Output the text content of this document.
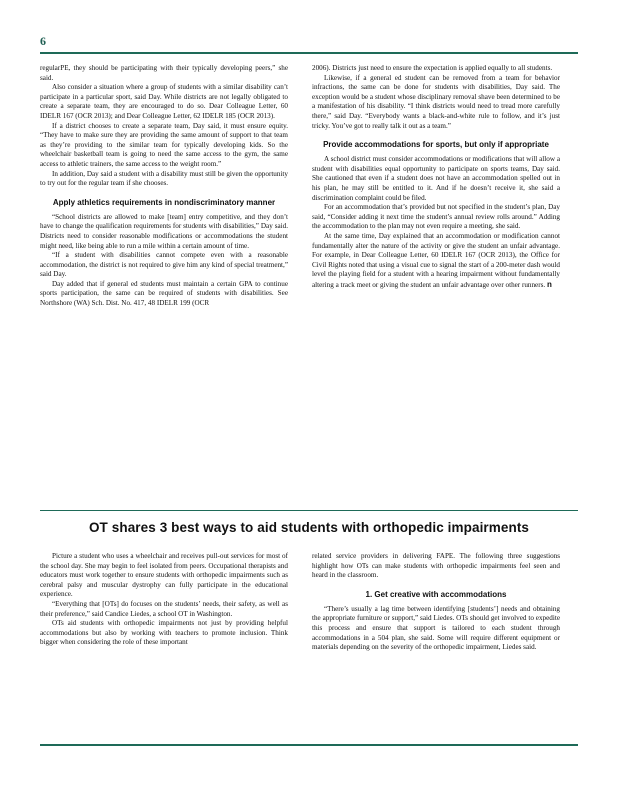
6

regularPE, they should be participating with their typically developing peers,” she said.

Also consider a situation where a group of students with a similar disability can’t participate in a particular sport, said Day. While districts are not legally obligated to create a separate team, they are encouraged to do so. Dear Colleague Letter, 60 IDELR 167 (OCR 2013); and Dear Colleague Letter, 62 IDELR 185 (OCR 2013).

If a district chooses to create a separate team, Day said, it must ensure equity. “They have to make sure they are providing the same amount of support to that team as they’re providing to the similar team for typically developing kids. So the wheelchair basketball team is going to need the same access to the gym, the same access to athletic trainers, the same access to the weight room.”

In addition, Day said a student with a disability must still be given the opportunity to try out for the regular team if she chooses.

Apply athletics requirements in nondiscriminatory manner

“School districts are allowed to make [team] entry competitive, and they don’t have to change the qualification requirements for students with disabilities,” Day said. Districts need to consider reasonable modifications or accommodations the student might need, like being able to run a mile within a certain amount of time.

“If a student with disabilities cannot compete even with a reasonable accommodation, the district is not required to give him any kind of special treatment,” said Day.

Day added that if general ed students must maintain a certain GPA to continue sports participation, the same can be required of students with disabilities. See Northshore (WA) Sch. Dist. No. 417, 48 IDELR 199 (OCR

2006). Districts just need to ensure the expectation is applied equally to all students.

Likewise, if a general ed student can be removed from a team for behavior infractions, the same can be done for students with disabilities, Day said. The exception would be a student whose disciplinary removal shave been determined to be a manifestation of his disability. “I think districts would need to tread more carefully there,” said Day. “Everybody wants a black-and-white rule to follow, and it’s just tricky. You’ve got to really talk it out as a team.”

Provide accommodations for sports, but only if appropriate

A school district must consider accommodations or modifications that will allow a student with disabilities equal opportunity to participate on sports teams, Day said. She cautioned that even if a student does not have an accommodation spelled out in his plan, he may still be entitled to it. And if he doesn’t receive it, she said a discrimination complaint could be filed.

For an accommodation that’s provided but not specified in the student’s plan, Day said, “Consider adding it next time the student’s annual review rolls around.” Adding the accommodation to the plan may not even require a meeting, she said.

At the same time, Day explained that an accommodation or modification cannot fundamentally alter the nature of the activity or give the student an unfair advantage. For example, in Dear Colleague Letter, 60 IDELR 167 (OCR 2013), the Office for Civil Rights noted that using a visual cue to signal the start of a 200-meter dash would level the playing field for a student with a hearing impairment without fundamentally altering a track meet or giving the student an unfair advantage over other runners. n

OT shares 3 best ways to aid students with orthopedic impairments

Picture a student who uses a wheelchair and receives pull-out services for most of the school day. She may begin to feel isolated from peers. Occupational therapists and educators must work together to ensure students with orthopedic impairments such as cerebral palsy and muscular dystrophy can fully participate in the educational experience.

“Everything that [OTs] do focuses on the students’ needs, their safety, as well as their preference,” said Candice Liedes, a school OT in Washington.

OTs aid students with orthopedic impairments not just by providing helpful accommodations but also by working with teachers to promote inclusion. Think bigger when considering the role of these important

related service providers in delivering FAPE. The following three suggestions highlight how OTs can make students with orthopedic impairments feel seen and heard in the classroom.

1. Get creative with accommodations

“There’s usually a lag time between identifying [students’] needs and obtaining the appropriate furniture or support,” said Liedes. OTs should get involved to expedite this process and ensure that support is tailored to each student through accommodations in a 504 plan, she said. Some will require different equipment or materials depending on the severity of the orthopedic impairment, Liedes said.
